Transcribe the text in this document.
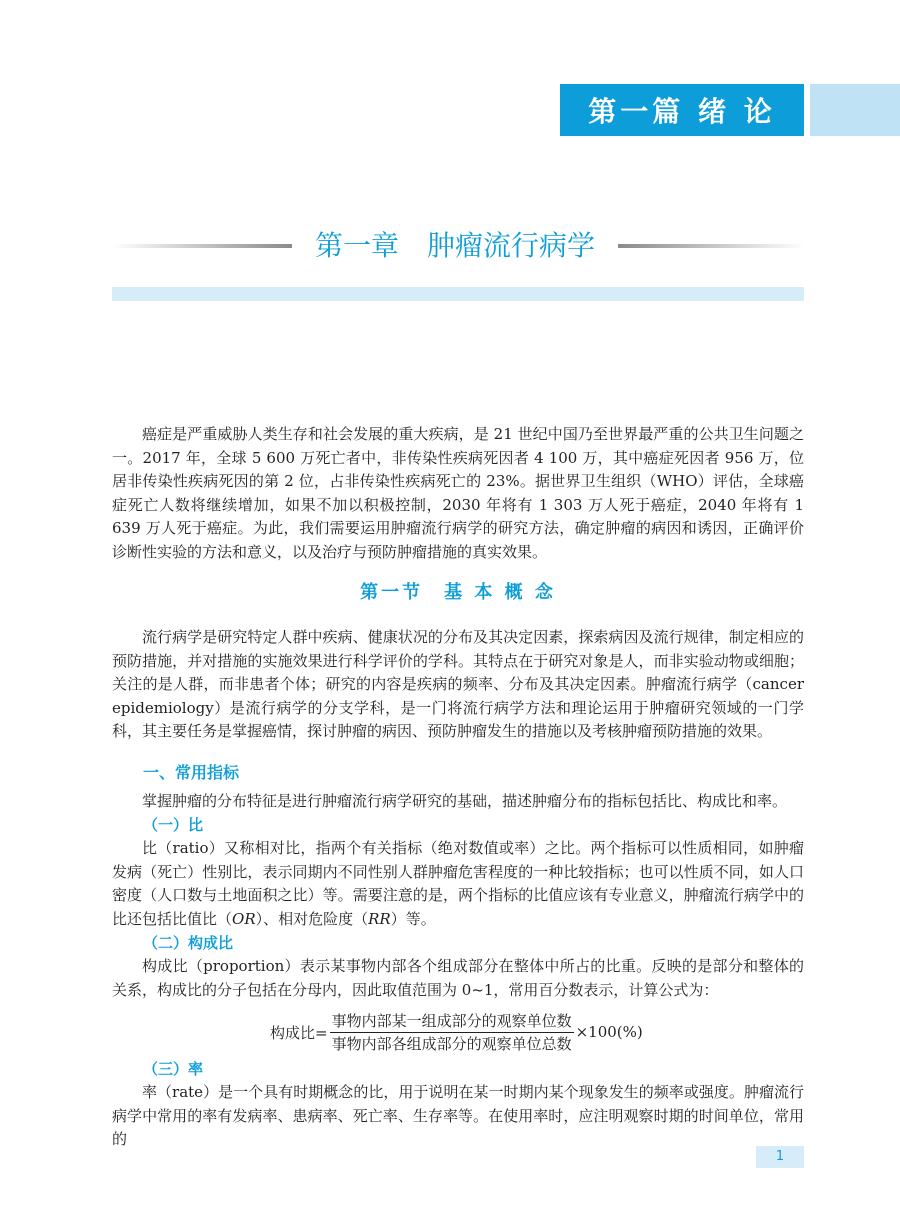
第一篇 绪 论
第一章　肿瘤流行病学

癌症是严重威胁人类生存和社会发展的重大疾病，是 21 世纪中国乃至世界最严重的公共卫生问题之一。2017 年，全球 5 600 万死亡者中，非传染性疾病死因者 4 100 万，其中癌症死因者 956 万，位居非传染性疾病死因的第 2 位，占非传染性疾病死亡的 23%。据世界卫生组织（WHO）评估，全球癌症死亡人数将继续增加，如果不加以积极控制，2030 年将有 1 303 万人死于癌症，2040 年将有 1 639 万人死于癌症。为此，我们需要运用肿瘤流行病学的研究方法，确定肿瘤的病因和诱因，正确评价诊断性实验的方法和意义，以及治疗与预防肿瘤措施的真实效果。

第一节　基 本 概 念

流行病学是研究特定人群中疾病、健康状况的分布及其决定因素，探索病因及流行规律，制定相应的预防措施，并对措施的实施效果进行科学评价的学科。其特点在于研究对象是人，而非实验动物或细胞；关注的是人群，而非患者个体；研究的内容是疾病的频率、分布及其决定因素。肿瘤流行病学（cancer epidemiology）是流行病学的分支学科，是一门将流行病学方法和理论运用于肿瘤研究领域的一门学科，其主要任务是掌握癌情，探讨肿瘤的病因、预防肿瘤发生的措施以及考核肿瘤预防措施的效果。

一、常用指标

掌握肿瘤的分布特征是进行肿瘤流行病学研究的基础，描述肿瘤分布的指标包括比、构成比和率。

（一）比

比（ratio）又称相对比，指两个有关指标（绝对数值或率）之比。两个指标可以性质相同，如肿瘤发病（死亡）性别比，表示同期内不同性别人群肿瘤危害程度的一种比较指标；也可以性质不同，如人口密度（人口数与土地面积之比）等。需要注意的是，两个指标的比值应该有专业意义，肿瘤流行病学中的比还包括比值比（OR）、相对危险度（RR）等。

（二）构成比

构成比（proportion）表示某事物内部各个组成部分在整体中所占的比重。反映的是部分和整体的关系，构成比的分子包括在分母内，因此取值范围为 0~1，常用百分数表示，计算公式为：

构成比= $\frac{\text{事物内部某一组成部分的观察单位数}}{\text{事物内部各组成部分的观察单位总数}} \times 100(\%)$
（三）率

率（rate）是一个具有时期概念的比，用于说明在某一时期内某个现象发生的频率或强度。肿瘤流行病学中常用的率有发病率、患病率、死亡率、生存率等。在使用率时，应注明观察时期的时间单位，常用的

1
